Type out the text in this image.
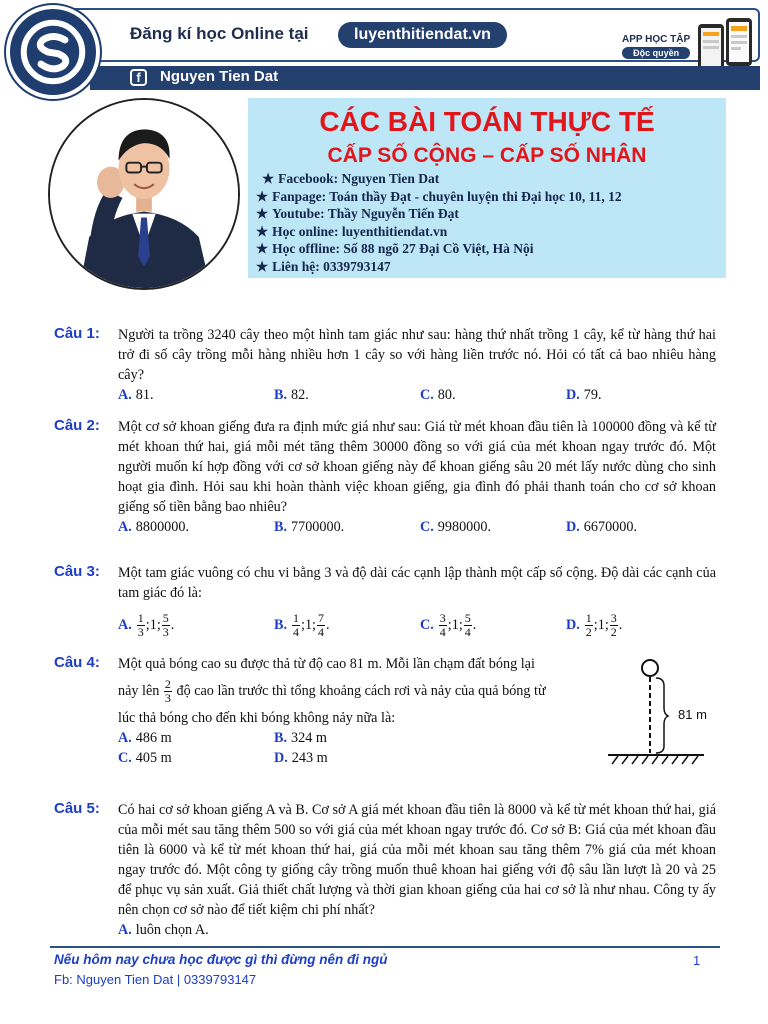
Đăng kí học Online tại	luyenthitiendat.vn	APP HỌC TẬP
Độc quyền
f	Nguyen Tien Dat
CÁC BÀI TOÁN THỰC TẾ
CẤP SỐ CỘNG – CẤP SỐ NHÂN
★ Facebook: Nguyen Tien Dat
★ Fanpage: Toán thầy Đạt - chuyên luyện thi Đại học 10, 11, 12
★ Youtube: Thầy Nguyễn Tiến Đạt
★ Học online: luyenthitiendat.vn
★ Học offline: Số 88 ngõ 27 Đại Cồ Việt, Hà Nội
★ Liên hệ: 0339793147
Câu 1: Người ta trồng 3240 cây theo một hình tam giác như sau: hàng thứ nhất trồng 1 cây, kể từ hàng thứ hai trở đi số cây trồng mỗi hàng nhiều hơn 1 cây so với hàng liền trước nó. Hỏi có tất cả bao nhiêu hàng cây?
A. 81.	B. 82.	C. 80.	D. 79.
Câu 2: Một cơ sở khoan giếng đưa ra định mức giá như sau: Giá từ mét khoan đầu tiên là 100000 đồng và kể từ mét khoan thứ hai, giá mỗi mét tăng thêm 30000 đồng so với giá của mét khoan ngay trước đó. Một người muốn kí hợp đồng với cơ sở khoan giếng này để khoan giếng sâu 20 mét lấy nước dùng cho sinh hoạt gia đình. Hỏi sau khi hoàn thành việc khoan giếng, gia đình đó phải thanh toán cho cơ sở khoan giếng số tiền bằng bao nhiêu?
A. 8800000.	B. 7700000.	C. 9980000.	D. 6670000.
Câu 3: Một tam giác vuông có chu vi bằng 3 và độ dài các cạnh lập thành một cấp số cộng. Độ dài các cạnh của tam giác đó là:
A. $\frac{1}{3}$ ;1; $\frac{5}{3}$ .	B. $\frac{1}{4}$ ;1; $\frac{7}{4}$ .	C. $\frac{3}{4}$ ;1; $\frac{5}{4}$ .	D. $\frac{1}{2}$ ;1; $\frac{3}{2}$ .
Câu 4: Một quả bóng cao su được thả từ độ cao 81 m. Mỗi lần chạm đất bóng lại
nảy lên $\frac{2}{3}$ độ cao lần trước thì tổng khoảng cách rơi và nảy của quả bóng từ
lúc thả bóng cho đến khi bóng không nảy nữa là:
A. 486 m	B. 324 m
C. 405 m	D. 243 m
81 m
Câu 5: Có hai cơ sở khoan giếng A và B. Cơ sở A giá mét khoan đầu tiên là 8000 và kể từ mét khoan thứ hai, giá của mỗi mét sau tăng thêm 500 so với giá của mét khoan ngay trước đó. Cơ sở B: Giá của mét khoan đầu tiên là 6000 và kể từ mét khoan thứ hai, giá của mỗi mét khoan sau tăng thêm 7% giá của mét khoan ngay trước đó. Một công ty giống cây trồng muốn thuê khoan hai giếng với độ sâu lần lượt là 20 và 25 để phục vụ sản xuất. Giả thiết chất lượng và thời gian khoan giếng của hai cơ sở là như nhau. Công ty ấy nên chọn cơ sở nào để tiết kiệm chi phí nhất?
A. luôn chọn A.
Nếu hôm nay chưa học được gì thì đừng nên đi ngủ
Fb: Nguyen Tien Dat | 0339793147
1
